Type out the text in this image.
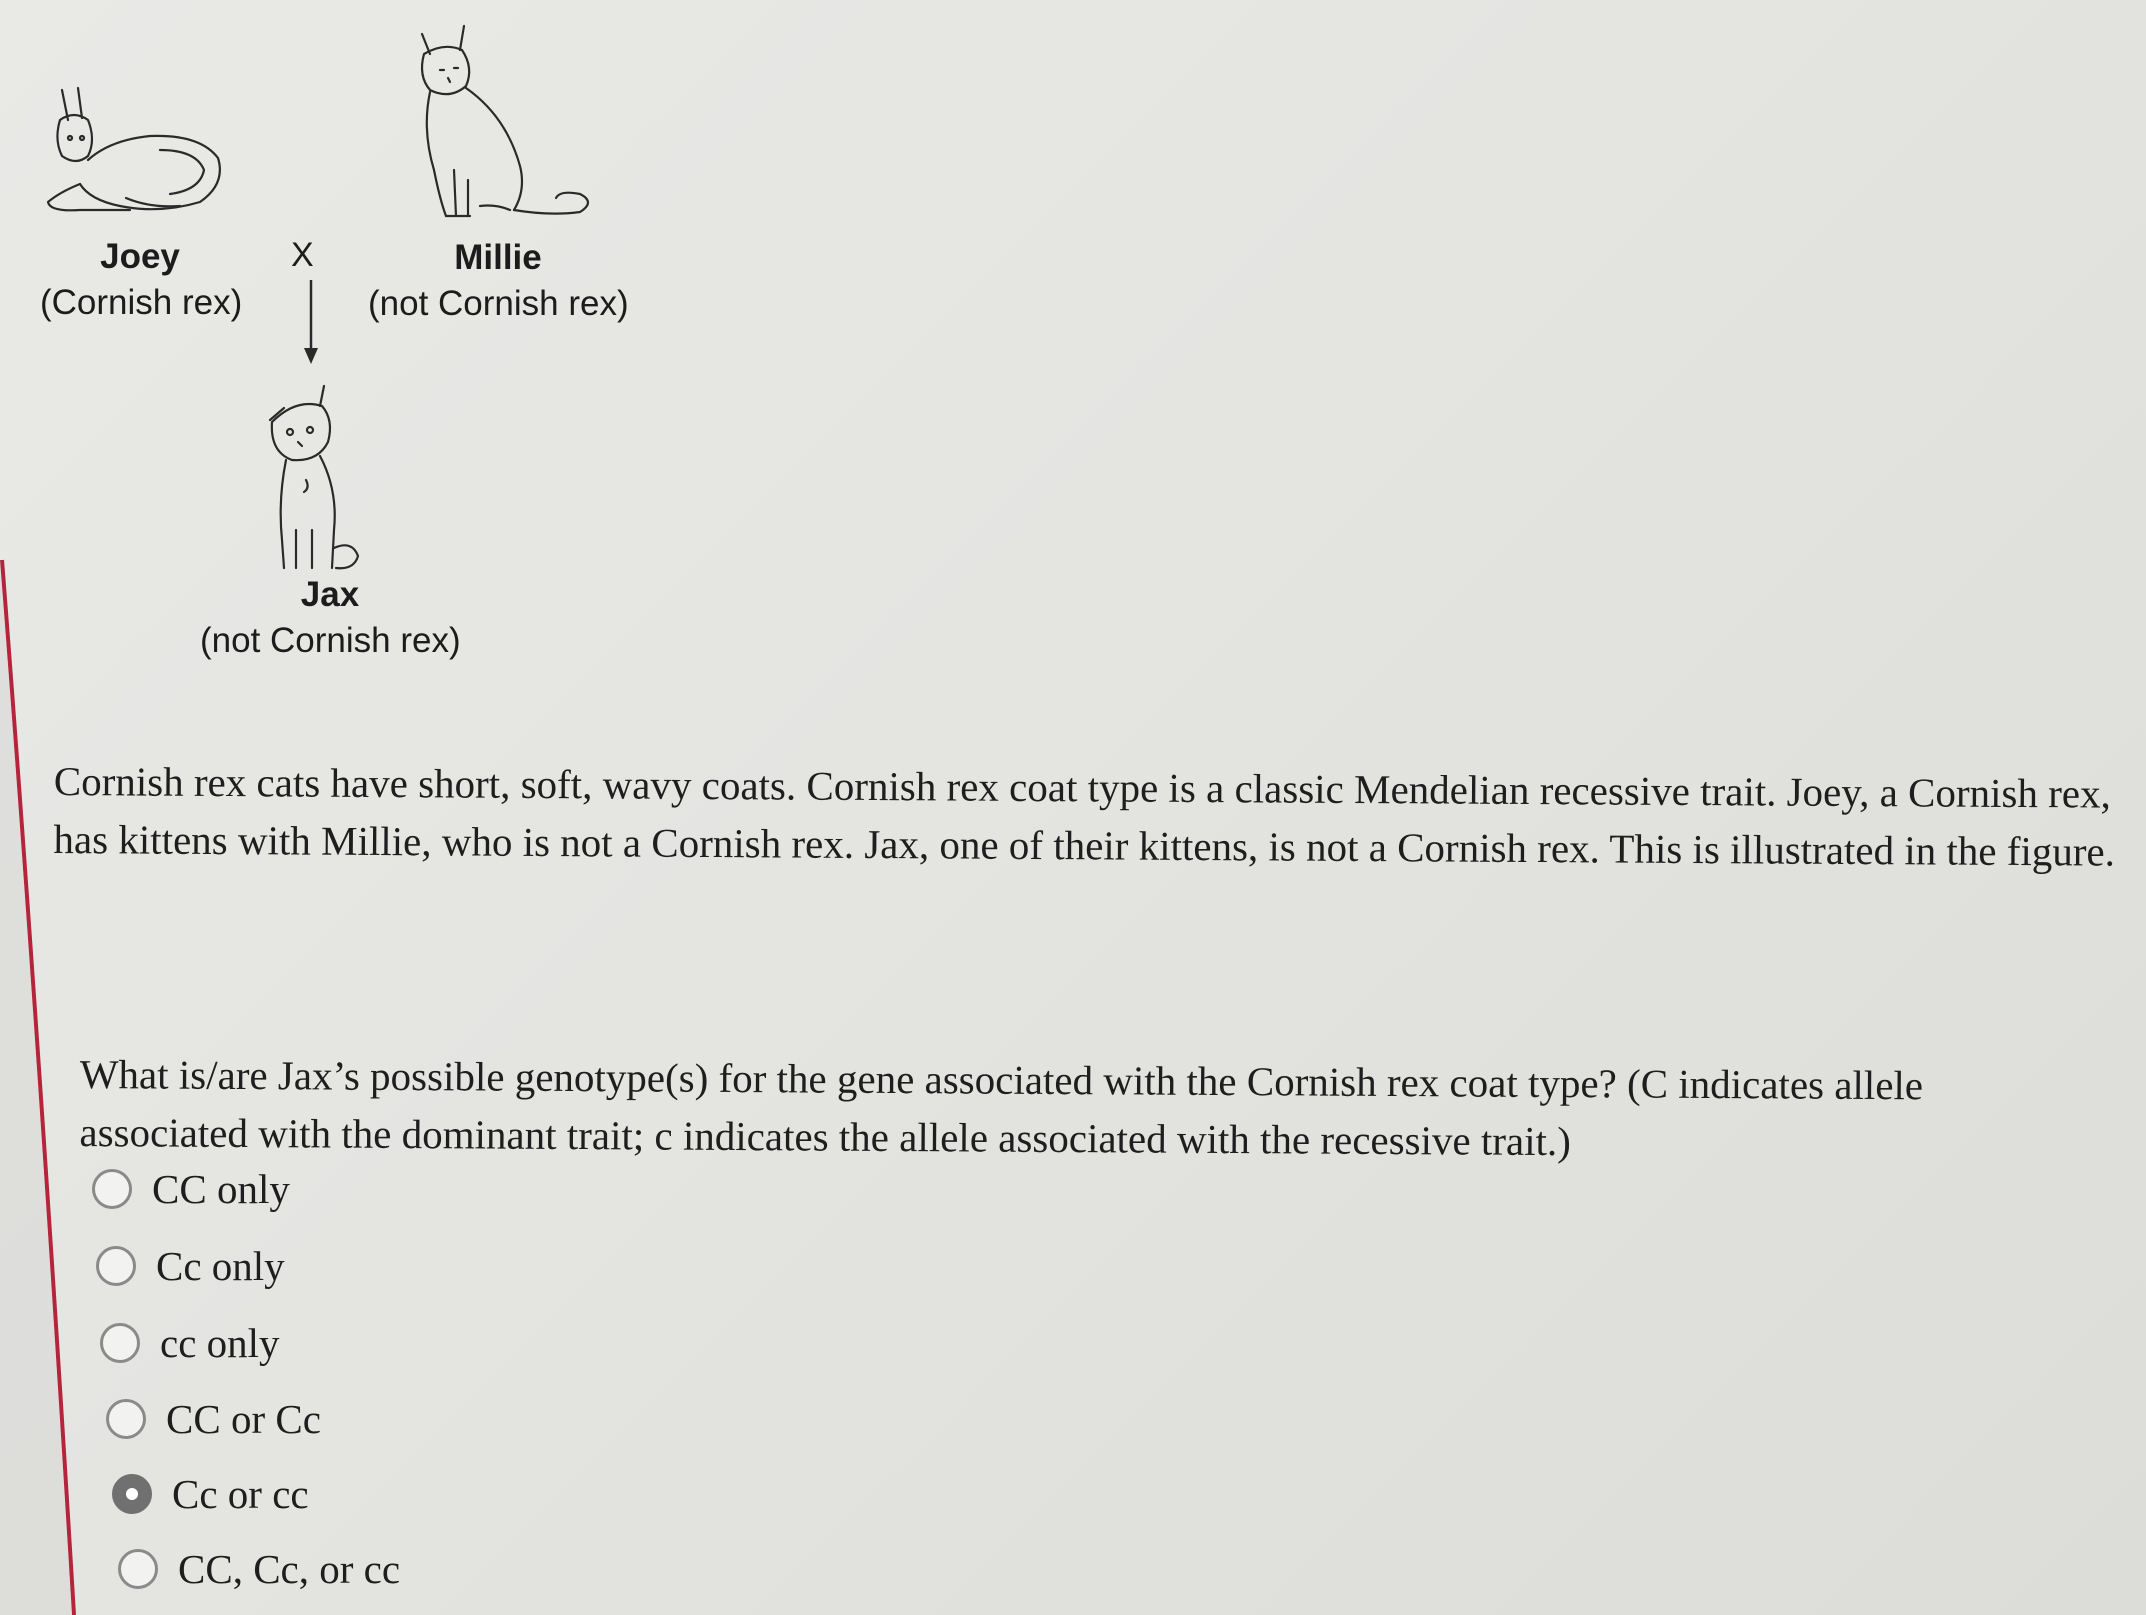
Joey
(Cornish rex)
X	Millie
(not Cornish rex)
Jax
(not Cornish rex)
Cornish rex cats have short, soft, wavy coats. Cornish rex coat type is a classic Mendelian recessive trait. Joey, a Cornish rex, has kittens with Millie, who is not a Cornish rex. Jax, one of their kittens, is not a Cornish rex. This is illustrated in the figure.
What is/are Jax’s possible genotype(s) for the gene associated with the Cornish rex coat type? (C indicates allele associated with the dominant trait; c indicates the allele associated with the recessive trait.)
CC only
Cc only
cc only
CC or Cc
Cc or cc
CC, Cc, or cc
